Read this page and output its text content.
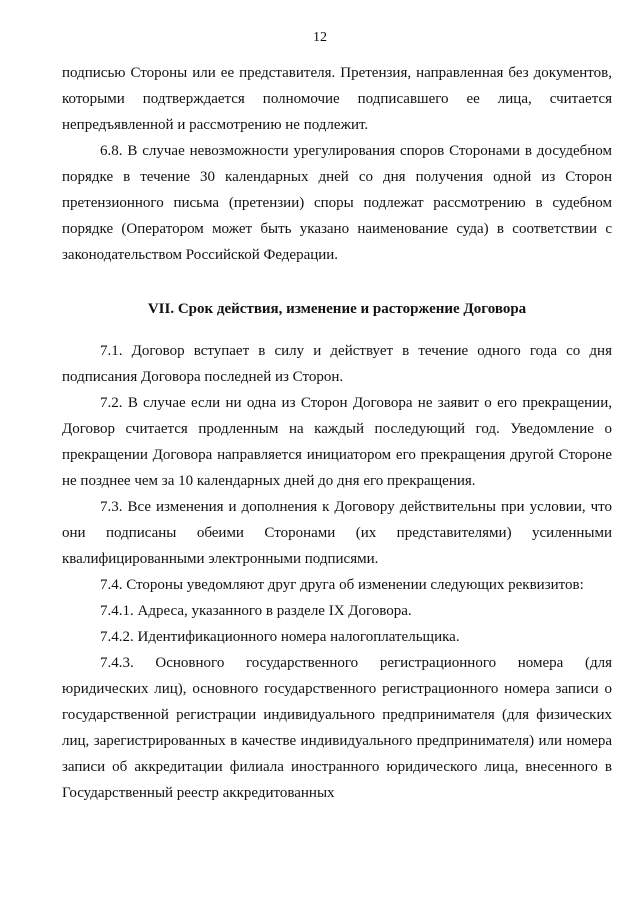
12

подписью Стороны или ее представителя. Претензия, направленная без документов, которыми подтверждается полномочие подписавшего ее лица, считается непредъявленной и рассмотрению не подлежит.

6.8. В случае невозможности урегулирования споров Сторонами в досудебном порядке в течение 30 календарных дней со дня получения одной из Сторон претензионного письма (претензии) споры подлежат рассмотрению в судебном порядке (Оператором может быть указано наименование суда) в соответствии с законодательством Российской Федерации.

VII. Срок действия, изменение и расторжение Договора

7.1. Договор вступает в силу и действует в течение одного года со дня подписания Договора последней из Сторон.

7.2. В случае если ни одна из Сторон Договора не заявит о его прекращении, Договор считается продленным на каждый последующий год. Уведомление о прекращении Договора направляется инициатором его прекращения другой Стороне не позднее чем за 10 календарных дней до дня его прекращения.

7.3. Все изменения и дополнения к Договору действительны при условии, что они подписаны обеими Сторонами (их представителями) усиленными квалифицированными электронными подписями.

7.4. Стороны уведомляют друг друга об изменении следующих реквизитов:

7.4.1. Адреса, указанного в разделе IX Договора.

7.4.2. Идентификационного номера налогоплательщика.

7.4.3. Основного государственного регистрационного номера (для юридических лиц), основного государственного регистрационного номера записи о государственной регистрации индивидуального предпринимателя (для физических лиц, зарегистрированных в качестве индивидуального предпринимателя) или номера записи об аккредитации филиала иностранного юридического лица, внесенного в Государственный реестр аккредитованных
